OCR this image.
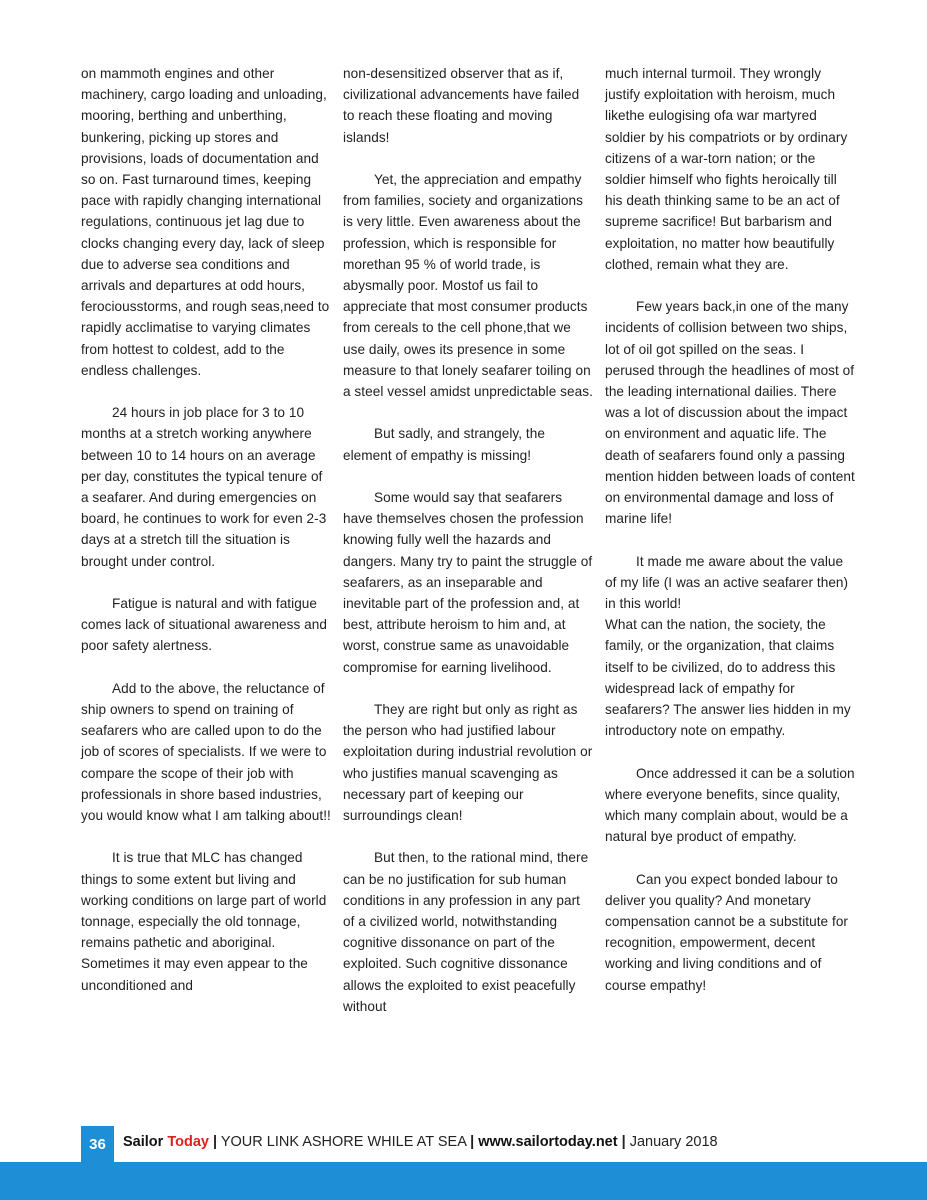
on mammoth engines and other machinery, cargo loading and unloading, mooring, berthing and unberthing, bunkering, picking up stores and provisions, loads of documentation and so on. Fast turnaround times, keeping pace with rapidly changing international regulations, continuous jet lag due to clocks changing every day, lack of sleep due to adverse sea conditions and arrivals and departures at odd hours, ferociousstorms, and rough seas,need to rapidly acclimatise to varying climates from hottest to coldest, add to the endless challenges.

24 hours in job place for 3 to 10 months at a stretch working anywhere between 10 to 14 hours on an average per day, constitutes the typical tenure of a seafarer. And during emergencies on board, he continues to work for even 2-3 days at a stretch till the situation is brought under control.

Fatigue is natural and with fatigue comes lack of situational awareness and poor safety alertness.

Add to the above, the reluctance of ship owners to spend on training of seafarers who are called upon to do the job of scores of specialists. If we were to compare the scope of their job with professionals in shore based industries, you would know what I am talking about!!

It is true that MLC has changed things to some extent but living and working conditions on large part of world tonnage, especially the old tonnage, remains pathetic and aboriginal. Sometimes it may even appear to the unconditioned and

non-desensitized observer that as if, civilizational advancements have failed to reach these floating and moving islands!

Yet, the appreciation and empathy from families, society and organizations is very little. Even awareness about the profession, which is responsible for morethan 95 % of world trade, is abysmally poor. Mostof us fail to appreciate that most consumer products from cereals to the cell phone,that we use daily, owes its presence in some measure to that lonely seafarer toiling on a steel vessel amidst unpredictable seas.

But sadly, and strangely, the element of empathy is missing!

Some would say that seafarers have themselves chosen the profession knowing fully well the hazards and dangers. Many try to paint the struggle of seafarers, as an inseparable and inevitable part of the profession and, at best, attribute heroism to him and, at worst, construe same as unavoidable compromise for earning livelihood.

They are right but only as right as the person who had justified labour exploitation during industrial revolution or who justifies manual scavenging as necessary part of keeping our surroundings clean!

But then, to the rational mind, there can be no justification for sub human conditions in any profession in any part of a civilized world, notwithstanding cognitive dissonance on part of the exploited. Such cognitive dissonance allows the exploited to exist peacefully without

much internal turmoil. They wrongly justify exploitation with heroism, much likethe eulogising ofa war martyred soldier by his compatriots or by ordinary citizens of a war-torn nation; or the soldier himself who fights heroically till his death thinking same to be an act of supreme sacrifice! But barbarism and exploitation, no matter how beautifully clothed, remain what they are.

Few years back,in one of the many incidents of collision between two ships, lot of oil got spilled on the seas. I perused through the headlines of most of the leading international dailies. There was a lot of discussion about the impact on environment and aquatic life. The death of seafarers found only a passing mention hidden between loads of content on environmental damage and loss of marine life!

It made me aware about the value of my life (I was an active seafarer then) in this world!

What can the nation, the society, the family, or the organization, that claims itself to be civilized, do to address this widespread lack of empathy for seafarers? The answer lies hidden in my introductory note on empathy.

Once addressed it can be a solution where everyone benefits, since quality, which many complain about, would be a natural bye product of empathy.

Can you expect bonded labour to deliver you quality? And monetary compensation cannot be a substitute for recognition, empowerment, decent working and living conditions and of course empathy!

36	Sailor Today | YOUR LINK ASHORE WHILE AT SEA | www.sailortoday.net | January 2018
